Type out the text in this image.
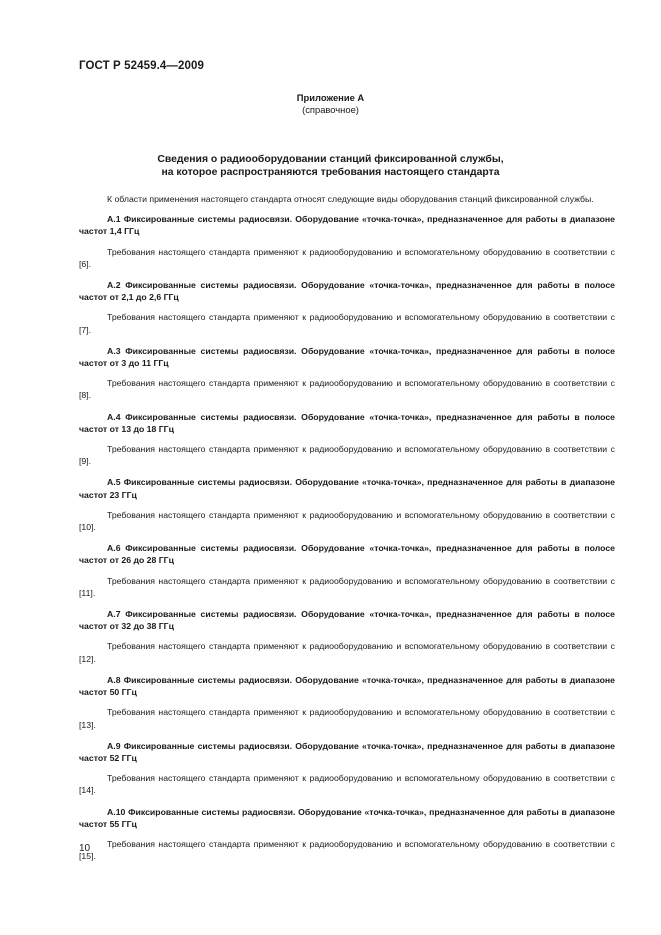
ГОСТ Р 52459.4—2009
Приложение А
(справочное)
Сведения о радиооборудовании станций фиксированной службы,
на которое распространяются требования настоящего стандарта

К области применения настоящего стандарта относят следующие виды оборудования станций фиксированной службы.

А.1 Фиксированные системы радиосвязи. Оборудование «точка-точка», предназначенное для работы в диапазоне частот 1,4 ГГц

Требования настоящего стандарта применяют к радиооборудованию и вспомогательному оборудованию в соответствии с [6].

А.2 Фиксированные системы радиосвязи. Оборудование «точка-точка», предназначенное для работы в полосе частот от 2,1 до 2,6 ГГц

Требования настоящего стандарта применяют к радиооборудованию и вспомогательному оборудованию в соответствии с [7].

А.3 Фиксированные системы радиосвязи. Оборудование «точка-точка», предназначенное для работы в полосе частот от 3 до 11 ГГц

Требования настоящего стандарта применяют к радиооборудованию и вспомогательному оборудованию в соответствии с [8].

А.4 Фиксированные системы радиосвязи. Оборудование «точка-точка», предназначенное для работы в полосе частот от 13 до 18 ГГц

Требования настоящего стандарта применяют к радиооборудованию и вспомогательному оборудованию в соответствии с [9].

А.5 Фиксированные системы радиосвязи. Оборудование «точка-точка», предназначенное для работы в диапазоне частот 23 ГГц

Требования настоящего стандарта применяют к радиооборудованию и вспомогательному оборудованию в соответствии с [10].

А.6 Фиксированные системы радиосвязи. Оборудование «точка-точка», предназначенное для работы в полосе частот от 26 до 28 ГГц

Требования настоящего стандарта применяют к радиооборудованию и вспомогательному оборудованию в соответствии с [11].

А.7 Фиксированные системы радиосвязи. Оборудование «точка-точка», предназначенное для работы в полосе частот от 32 до 38 ГГц

Требования настоящего стандарта применяют к радиооборудованию и вспомогательному оборудованию в соответствии с [12].

А.8 Фиксированные системы радиосвязи. Оборудование «точка-точка», предназначенное для работы в диапазоне частот 50 ГГц

Требования настоящего стандарта применяют к радиооборудованию и вспомогательному оборудованию в соответствии с [13].

А.9 Фиксированные системы радиосвязи. Оборудование «точка-точка», предназначенное для работы в диапазоне частот 52 ГГц

Требования настоящего стандарта применяют к радиооборудованию и вспомогательному оборудованию в соответствии с [14].

А.10 Фиксированные системы радиосвязи. Оборудование «точка-точка», предназначенное для работы в диапазоне частот 55 ГГц

Требования настоящего стандарта применяют к радиооборудованию и вспомогательному оборудованию в соответствии с [15].

10
